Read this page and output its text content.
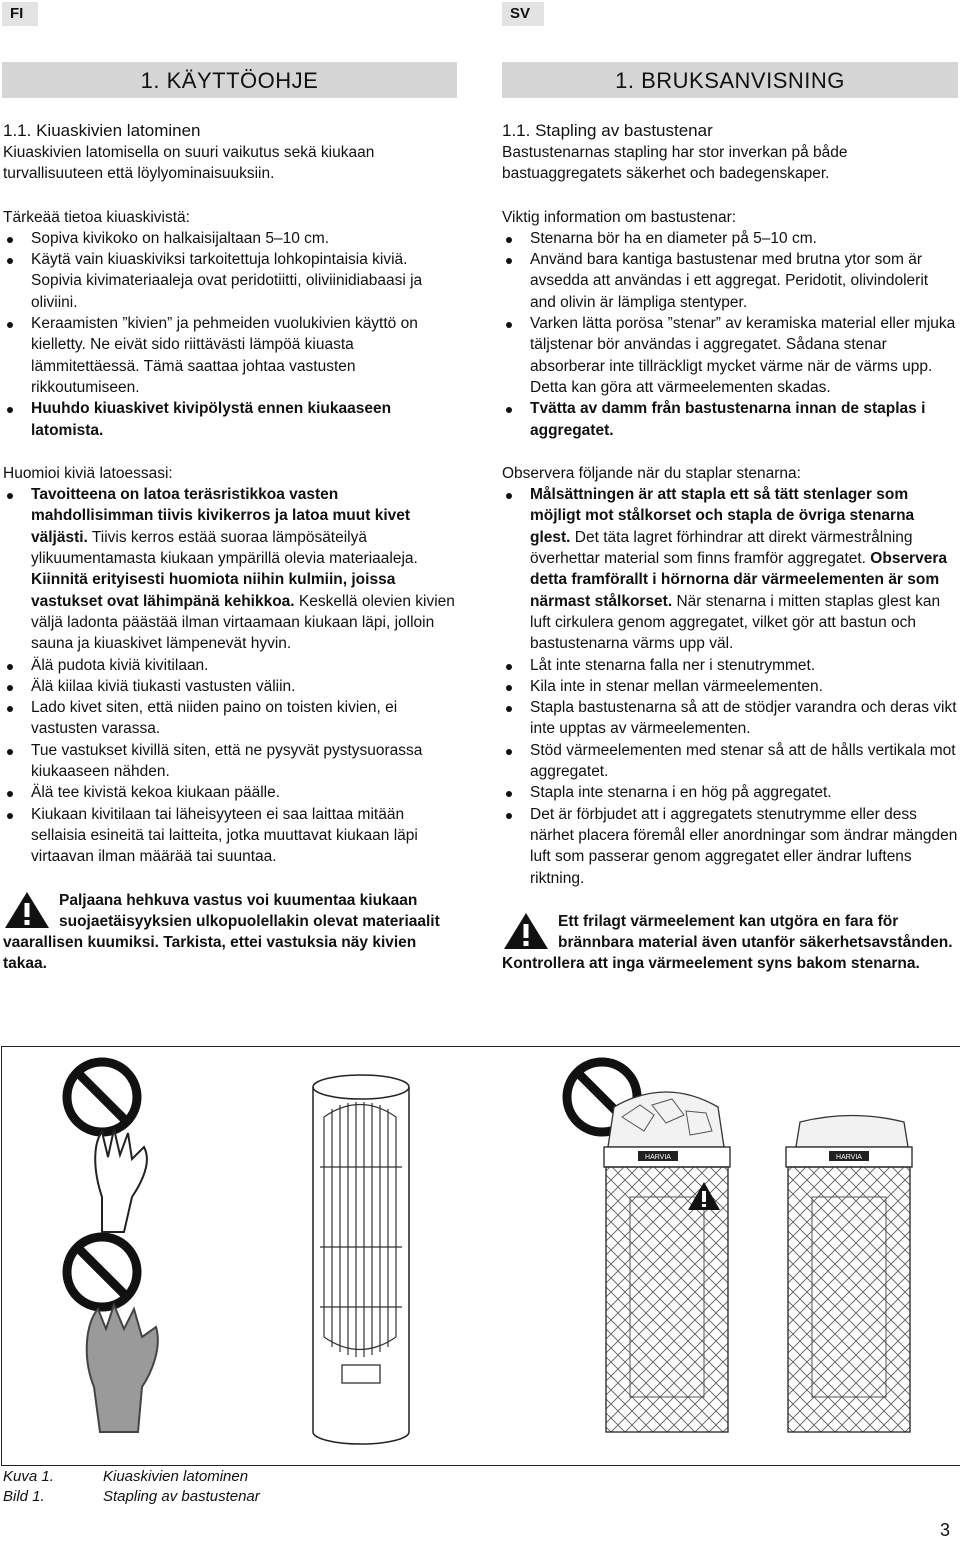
FI	SV
1. KÄYTTÖOHJE	1. BRUKSANVISNING
1.1. Kiuaskivien latominen

Kiuaskivien latomisella on suuri vaikutus sekä kiukaan turvallisuuteen että löylyominaisuuksiin.

Tärkeää tietoa kiuaskivistä:

Sopiva kivikoko on halkaisijaltaan 5–10 cm.
Käytä vain kiuaskiviksi tarkoitettuja lohkopintaisia kiviä. Sopivia kivimateriaaleja ovat peridotiitti, oliviinidiabaasi ja oliviini.
Keraamisten ”kivien” ja pehmeiden vuolukivien käyttö on kielletty. Ne eivät sido riittävästi lämpöä kiuasta lämmitettäessä. Tämä saattaa johtaa vastusten rikkoutumiseen.
Huuhdo kiuaskivet kivipölystä ennen kiukaaseen latomista.

Huomioi kiviä latoessasi:

Tavoitteena on latoa teräsristikkoa vasten mahdollisimman tiivis kivikerros ja latoa muut kivet väljästi. Tiivis kerros estää suoraa lämpösäteilyä ylikuumentamasta kiukaan ympärillä olevia materiaaleja. Kiinnitä erityisesti huomiota niihin kulmiin, joissa vastukset ovat lähimpänä kehikkoa. Keskellä olevien kivien väljä ladonta päästää ilman virtaamaan kiukaan läpi, jolloin sauna ja kiuaskivet lämpenevät hyvin.
Älä pudota kiviä kivitilaan.
Älä kiilaa kiviä tiukasti vastusten väliin.
Lado kivet siten, että niiden paino on toisten kivien, ei vastusten varassa.
Tue vastukset kivillä siten, että ne pysyvät pystysuorassa kiukaaseen nähden.
Älä tee kivistä kekoa kiukaan päälle.
Kiukaan kivitilaan tai läheisyyteen ei saa laittaa mitään sellaisia esineitä tai laitteita, jotka muuttavat kiukaan läpi virtaavan ilman määrää tai suuntaa.
Paljaana hehkuva vastus voi kuumentaa kiukaan suojaetäisyyksien ulkopuolellakin olevat materiaalit vaarallisen kuumiksi. Tarkista, ettei vastuksia näy kivien takaa.
1.1. Stapling av bastustenar

Bastustenarnas stapling har stor inverkan på både bastuaggregatets säkerhet och badegenskaper.

Viktig information om bastustenar:

Stenarna bör ha en diameter på 5–10 cm.
Använd bara kantiga bastustenar med brutna ytor som är avsedda att användas i ett aggregat. Peridotit, olivindolerit and olivin är lämpliga stentyper.
Varken lätta porösa ”stenar” av keramiska material eller mjuka täljstenar bör användas i aggregatet. Sådana stenar absorberar inte tillräckligt mycket värme när de värms upp. Detta kan göra att värmeelementen skadas.
Tvätta av damm från bastustenarna innan de staplas i aggregatet.

Observera följande när du staplar stenarna:

Målsättningen är att stapla ett så tätt stenlager som möjligt mot stålkorset och stapla de övriga stenarna glest. Det täta lagret förhindrar att direkt värmestrålning överhettar material som finns framför aggregatet. Observera detta framförallt i hörnorna där värmeelementen är som närmast stålkorset. När stenarna i mitten staplas glest kan luft cirkulera genom aggregatet, vilket gör att bastun och bastustenarna värms upp väl.
Låt inte stenarna falla ner i stenutrymmet.
Kila inte in stenar mellan värmeelementen.
Stapla bastustenarna så att de stödjer varandra och deras vikt inte upptas av värmeelementen.
Stöd värmeelementen med stenar så att de hålls vertikala mot aggregatet.
Stapla inte stenarna i en hög på aggregatet.
Det är förbjudet att i aggregatets stenutrymme eller dess närhet placera föremål eller anordningar som ändrar mängden luft som passerar genom aggregatet eller ändrar luftens riktning.
Ett frilagt värmeelement kan utgöra en fara för brännbara material även utanför säkerhetsavstånden. Kontrollera att inga värmeelement syns bakom stenarna.
HARVIA	HARVIA
Kuva 1.	Kiuaskivien latominen
Bild 1.	Stapling av bastustenar
3
